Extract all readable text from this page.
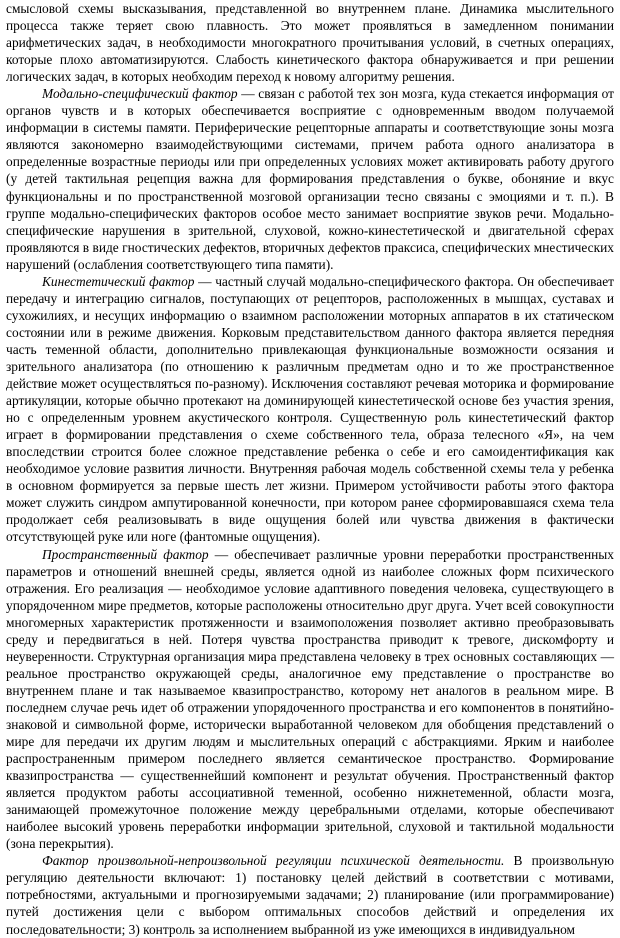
смысловой схемы высказывания, представленной во внутреннем плане. Динамика мыслительного процесса также теряет свою плавность. Это может проявляться в замедленном понимании арифметических задач, в необходимости многократного прочитывания условий, в счетных операциях, которые плохо автоматизируются. Слабость кинетического фактора обнаруживается и при решении логических задач, в которых необходим переход к новому алгоритму решения.

Модально-специфический фактор — связан с работой тех зон мозга, куда стекается информация от органов чувств и в которых обеспечивается восприятие с одновременным вводом получаемой информации в системы памяти. Периферические рецепторные аппараты и соответствующие зоны мозга являются закономерно взаимодействующими системами, причем работа одного анализатора в определенные возрастные периоды или при определенных условиях может активировать работу другого (у детей тактильная рецепция важна для формирования представления о букве, обоняние и вкус функциональны и по пространственной мозговой организации тесно связаны с эмоциями и т. п.). В группе модально-специфических факторов особое место занимает восприятие звуков речи. Модально-специфические нарушения в зрительной, слуховой, кожно-кинестетической и двигательной сферах проявляются в виде гностических дефектов, вторичных дефектов праксиса, специфических мнестических нарушений (ослабления соответствующего типа памяти).

Кинестетический фактор — частный случай модально-специфического фактора. Он обеспечивает передачу и интеграцию сигналов, поступающих от рецепторов, расположенных в мышцах, суставах и сухожилиях, и несущих информацию о взаимном расположении моторных аппаратов в их статическом состоянии или в режиме движения. Корковым представительством данного фактора является передняя часть теменной области, дополнительно привлекающая функциональные возможности осязания и зрительного анализатора (по отношению к различным предметам одно и то же пространственное действие может осуществляться по-разному). Исключения составляют речевая моторика и формирование артикуляции, которые обычно протекают на доминирующей кинестетической основе без участия зрения, но с определенным уровнем акустического контроля. Существенную роль кинестетический фактор играет в формировании представления о схеме собственного тела, образа телесного «Я», на чем впоследствии строится более сложное представление ребенка о себе и его самоидентификация как необходимое условие развития личности. Внутренняя рабочая модель собственной схемы тела у ребенка в основном формируется за первые шесть лет жизни. Примером устойчивости работы этого фактора может служить синдром ампутированной конечности, при котором ранее сформировавшаяся схема тела продолжает себя реализовывать в виде ощущения болей или чувства движения в фактически отсутствующей руке или ноге (фантомные ощущения).

Пространственный фактор — обеспечивает различные уровни переработки пространственных параметров и отношений внешней среды, является одной из наиболее сложных форм психического отражения. Его реализация — необходимое условие адаптивного поведения человека, существующего в упорядоченном мире предметов, которые расположены относительно друг друга. Учет всей совокупности многомерных характеристик протяженности и взаимоположения позволяет активно преобразовывать среду и передвигаться в ней. Потеря чувства пространства приводит к тревоге, дискомфорту и неуверенности. Структурная организация мира представлена человеку в трех основных составляющих — реальное пространство окружающей среды, аналогичное ему представление о пространстве во внутреннем плане и так называемое квазипространство, которому нет аналогов в реальном мире. В последнем случае речь идет об отражении упорядоченного пространства и его компонентов в понятийно-знаковой и символьной форме, исторически выработанной человеком для обобщения представлений о мире для передачи их другим людям и мыслительных операций с абстракциями. Ярким и наиболее распространенным примером последнего является семантическое пространство. Формирование квазипространства — существеннейший компонент и результат обучения. Пространственный фактор является продуктом работы ассоциативной теменной, особенно нижнетеменной, области мозга, занимающей промежуточное положение между церебральными отделами, которые обеспечивают наиболее высокий уровень переработки информации зрительной, слуховой и тактильной модальности (зона перекрытия).

Фактор произвольной-непроизвольной регуляции психической деятельности. В произвольную регуляцию деятельности включают: 1) постановку целей действий в соответствии с мотивами, потребностями, актуальными и прогнозируемыми задачами; 2) планирование (или программирование) путей достижения цели с выбором оптимальных способов действий и определения их последовательности; 3) контроль за исполнением выбранной из уже имеющихся в индивидуальном
